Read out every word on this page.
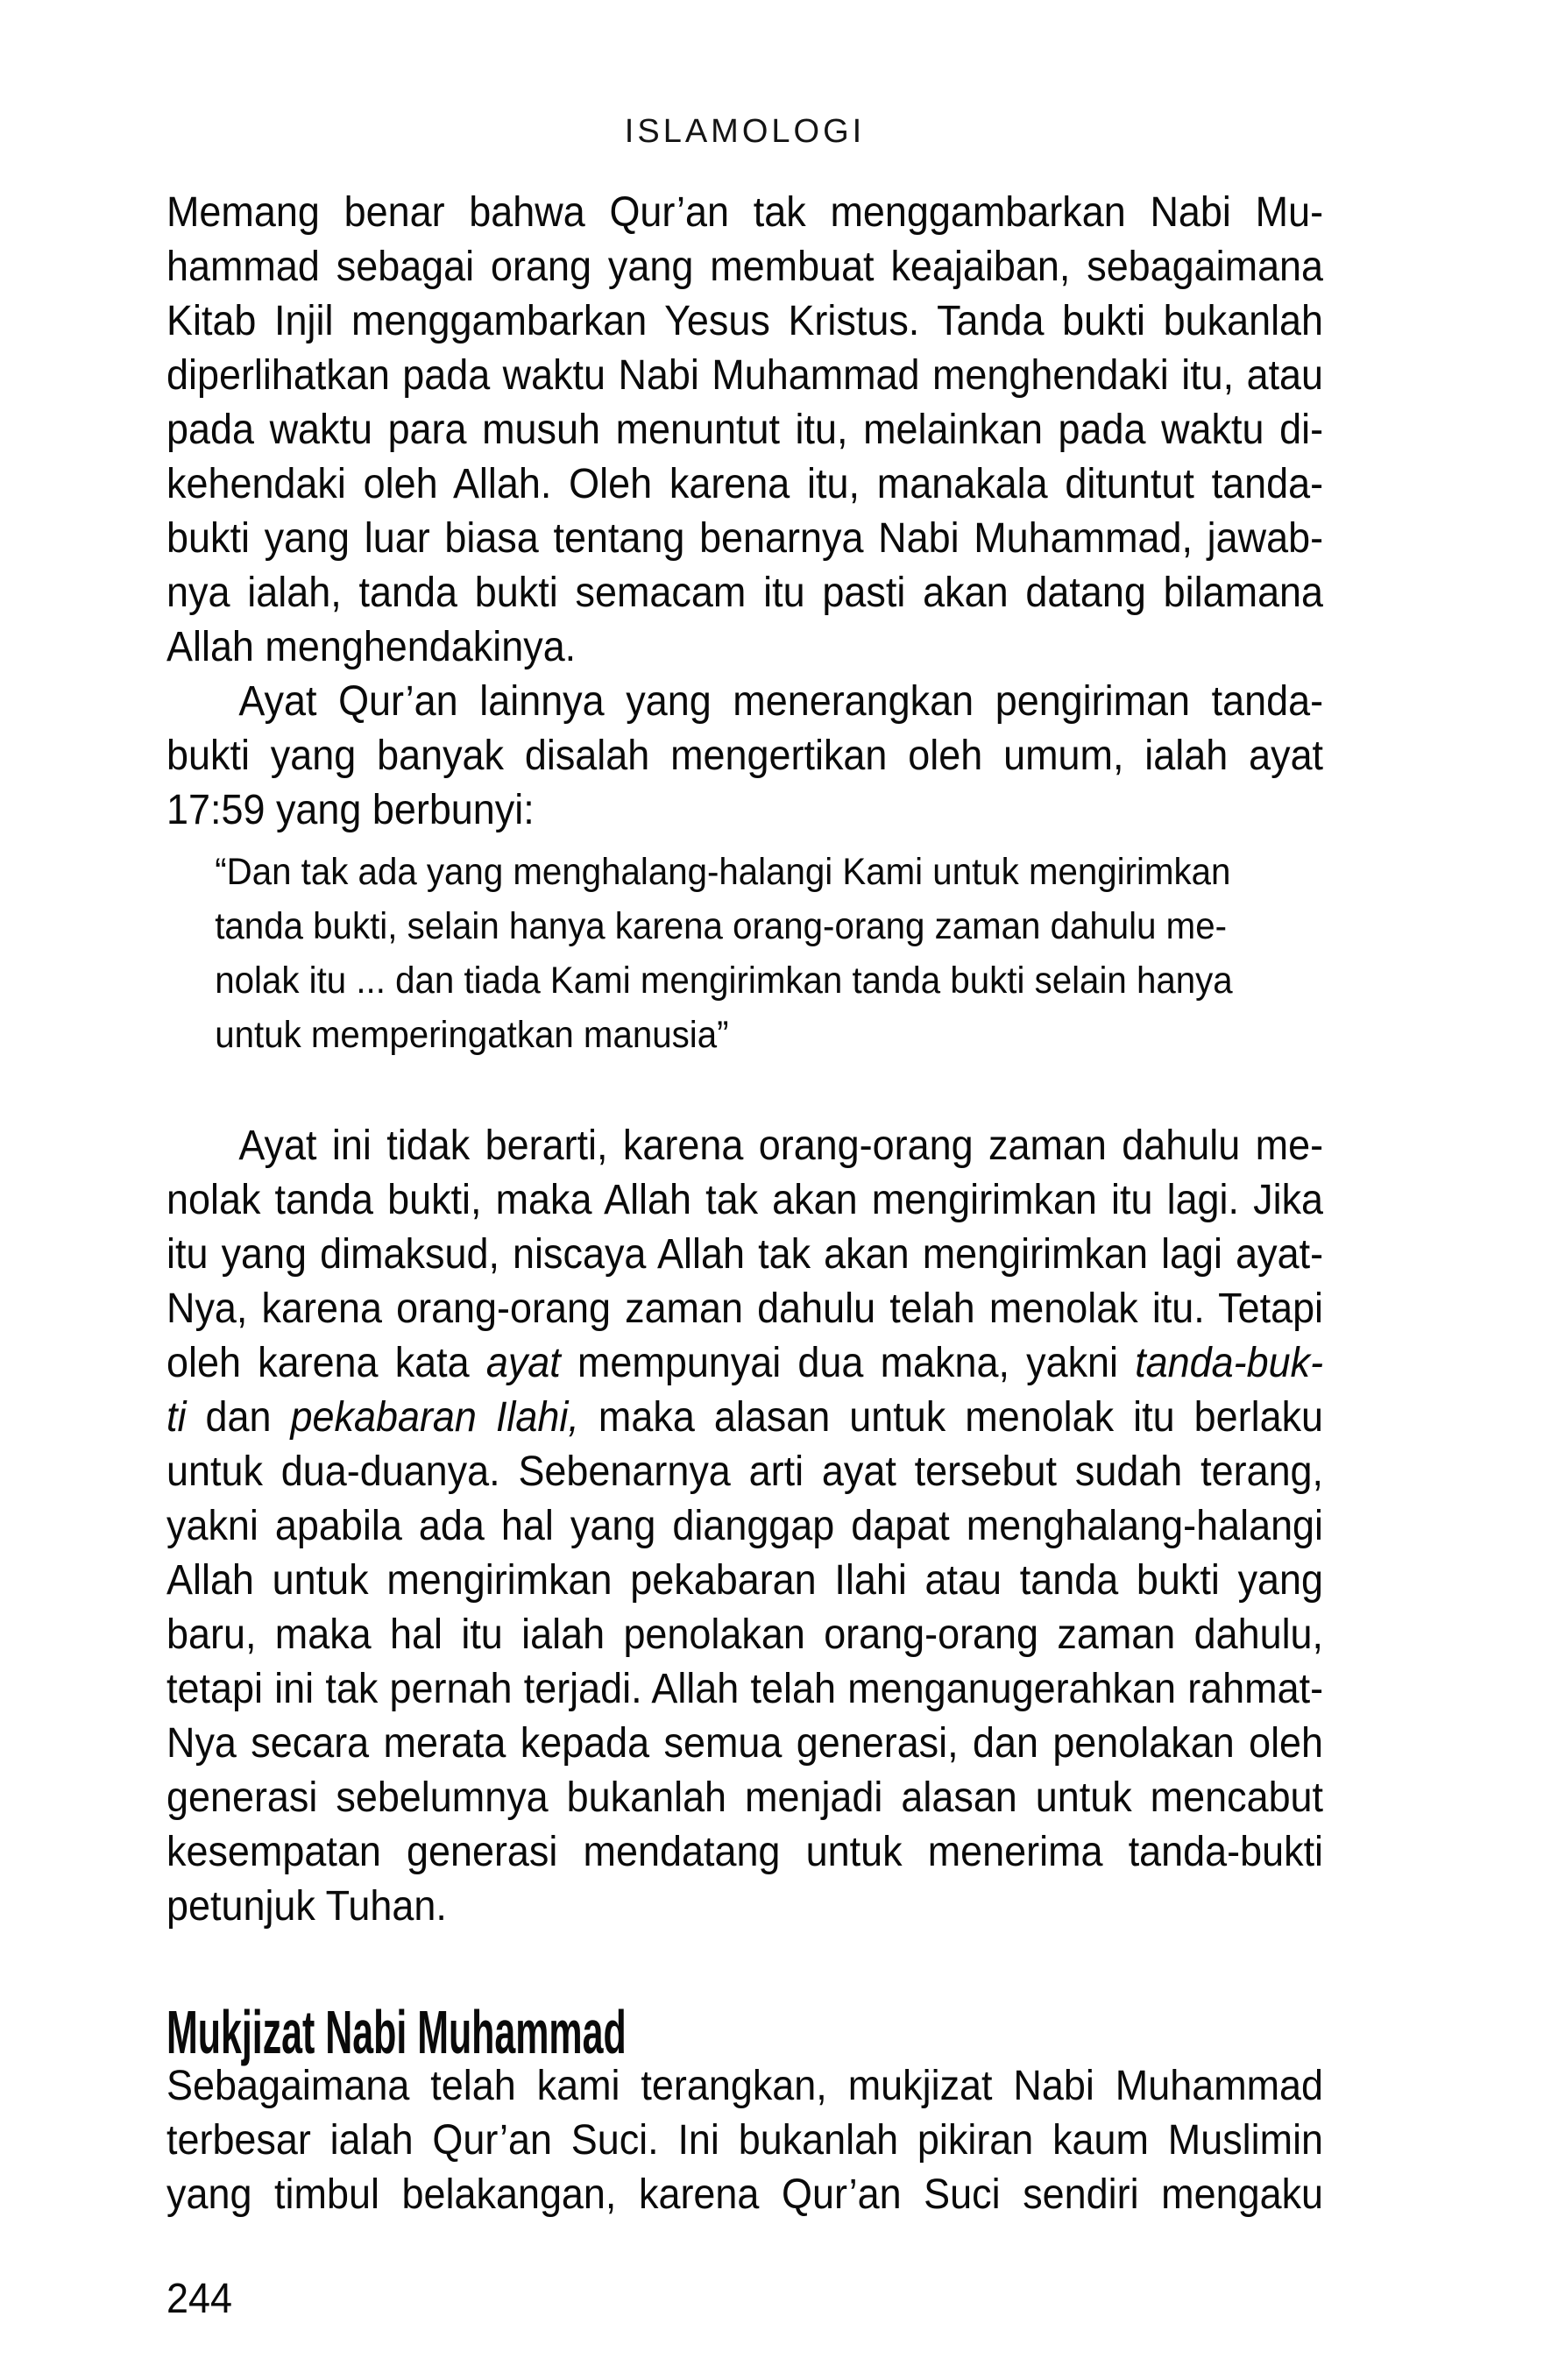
ISLAMOLOGI
Memang benar bahwa Qur’an tak menggambarkan Nabi Mu-
hammad sebagai orang yang membuat keajaiban, sebagaimana
Kitab Injil menggambarkan Yesus Kristus. Tanda bukti bukanlah
diperlihatkan pada waktu Nabi Muhammad menghendaki itu, atau
pada waktu para musuh menuntut itu, melainkan pada waktu di-
kehendaki oleh Allah. Oleh karena itu, manakala dituntut tanda-
bukti yang luar biasa tentang benarnya Nabi Muhammad, jawab-
nya ialah, tanda bukti semacam itu pasti akan datang bilamana
Allah menghendakinya.
Ayat Qur’an lainnya yang menerangkan pengiriman tanda-
bukti yang banyak disalah mengertikan oleh umum, ialah ayat
17:59 yang berbunyi:
“Dan tak ada yang menghalang-halangi Kami untuk mengirimkan
tanda bukti, selain hanya karena orang-orang zaman dahulu me-
nolak itu ... dan tiada Kami mengirimkan tanda bukti selain hanya
untuk memperingatkan manusia”
Ayat ini tidak berarti, karena orang-orang zaman dahulu me-
nolak tanda bukti, maka Allah tak akan mengirimkan itu lagi. Jika
itu yang dimaksud, niscaya Allah tak akan mengirimkan lagi ayat-
Nya, karena orang-orang zaman dahulu telah menolak itu. Tetapi
oleh karena kata ayat mempunyai dua makna, yakni tanda-buk-
ti dan pekabaran Ilahi, maka alasan untuk menolak itu berlaku
untuk dua-duanya. Sebenarnya arti ayat tersebut sudah terang,
yakni apabila ada hal yang dianggap dapat menghalang-halangi
Allah untuk mengirimkan pekabaran Ilahi atau tanda bukti yang
baru, maka hal itu ialah penolakan orang-orang zaman dahulu,
tetapi ini tak pernah terjadi. Allah telah menganugerahkan rahmat-
Nya secara merata kepada semua generasi, dan penolakan oleh
generasi sebelumnya bukanlah menjadi alasan untuk mencabut
kesempatan generasi mendatang untuk menerima tanda-bukti
petunjuk Tuhan.
Mukjizat Nabi Muhammad
Sebagaimana telah kami terangkan, mukjizat Nabi Muhammad
terbesar ialah Qur’an Suci. Ini bukanlah pikiran kaum Muslimin
yang timbul belakangan, karena Qur’an Suci sendiri mengaku
244
